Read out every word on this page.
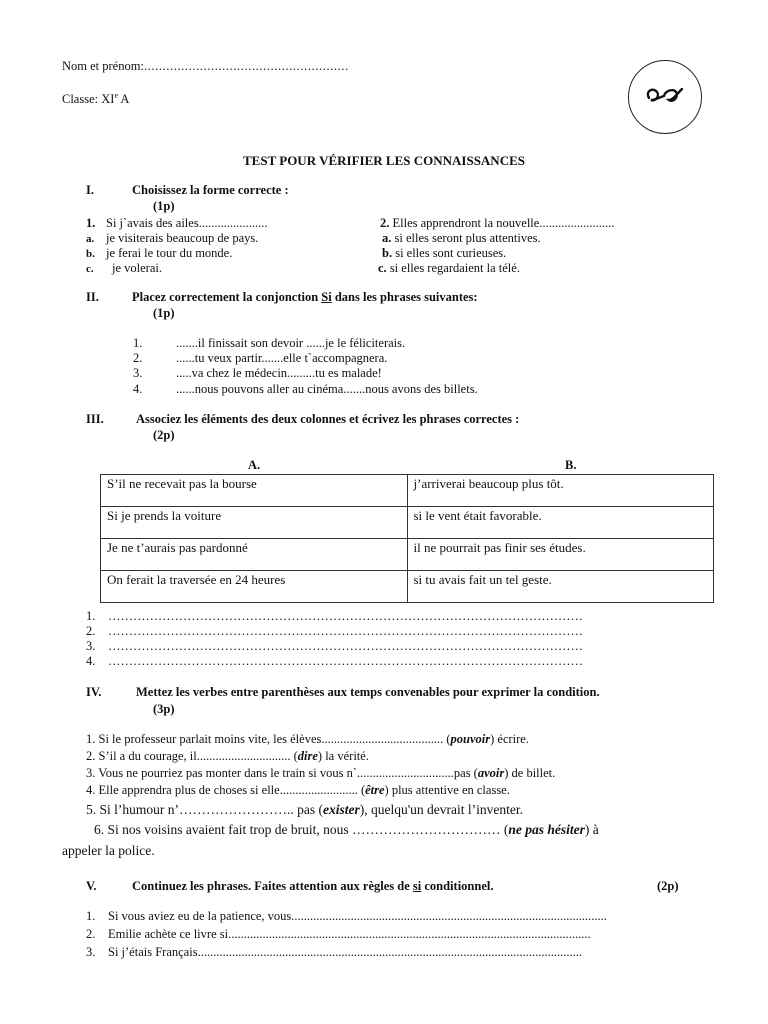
Nom et prénom:.......................................................
Classe: XIe A
TEST POUR VÉRIFIER LES CONNAISSANCES
I.	Choisissez la forme correcte :
(1p)
1. Si j`avais des ailes......................
a. je visiterais beaucoup de pays.
b. je ferai le tour du monde.
c. je volerai.
2. Elles apprendront la nouvelle........................
a. si elles seront plus attentives.
b. si elles sont curieuses.
c. si elles regardaient la télé.
II.	Placez correctement la conjonction Si dans les phrases suivantes:
(1p)
1.	.......il finissait son devoir ......je le féliciterais.
2.	......tu veux partir.......elle t`accompagnera.
3.	.....va chez le médecin.........tu es malade!
4.	......nous pouvons aller au cinéma.......nous avons des billets.
III.	Associez les éléments des deux colonnes et écrivez les phrases correctes :
(2p)
A.	B.
S’il ne recevait pas la bourse	j’arriverai beaucoup plus tôt.
Si je prends la voiture	si le vent était favorable.
Je ne t’aurais pas pardonné	il ne pourrait pas finir ses études.
On ferait la traversée en 24 heures	si tu avais fait un tel geste.
1. ……………………………………………………………………………………………………
2. ……………………………………………………………………………………………………
3. ……………………………………………………………………………………………………
4. ……………………………………………………………………………………………………
IV.	Mettez les verbes entre parenthèses aux temps convenables pour exprimer la condition.
(3p)
1. Si le professeur parlait moins vite, les élèves....................................... (pouvoir) écrire.
2. S’il a du courage, il.............................. (dire) la vérité.
3. Vous ne pourriez pas monter dans le train si vous n`...............................pas (avoir) de billet.
4. Elle apprendra plus de choses si elle......................... (être) plus attentive en classe.
5. Si l’humour n’…………………….. pas (exister), quelqu'un devrait l’inventer.
6. Si nos voisins avaient fait trop de bruit, nous …………………………… (ne pas hésiter) à
appeler la police.
V.	Continuez les phrases. Faites attention aux règles de si conditionnel.	(2p)
1. Si vous aviez eu de la patience, vous.....................................................................................................
2. Emilie achète ce livre si....................................................................................................................
3. Si j’étais Français...........................................................................................................................
